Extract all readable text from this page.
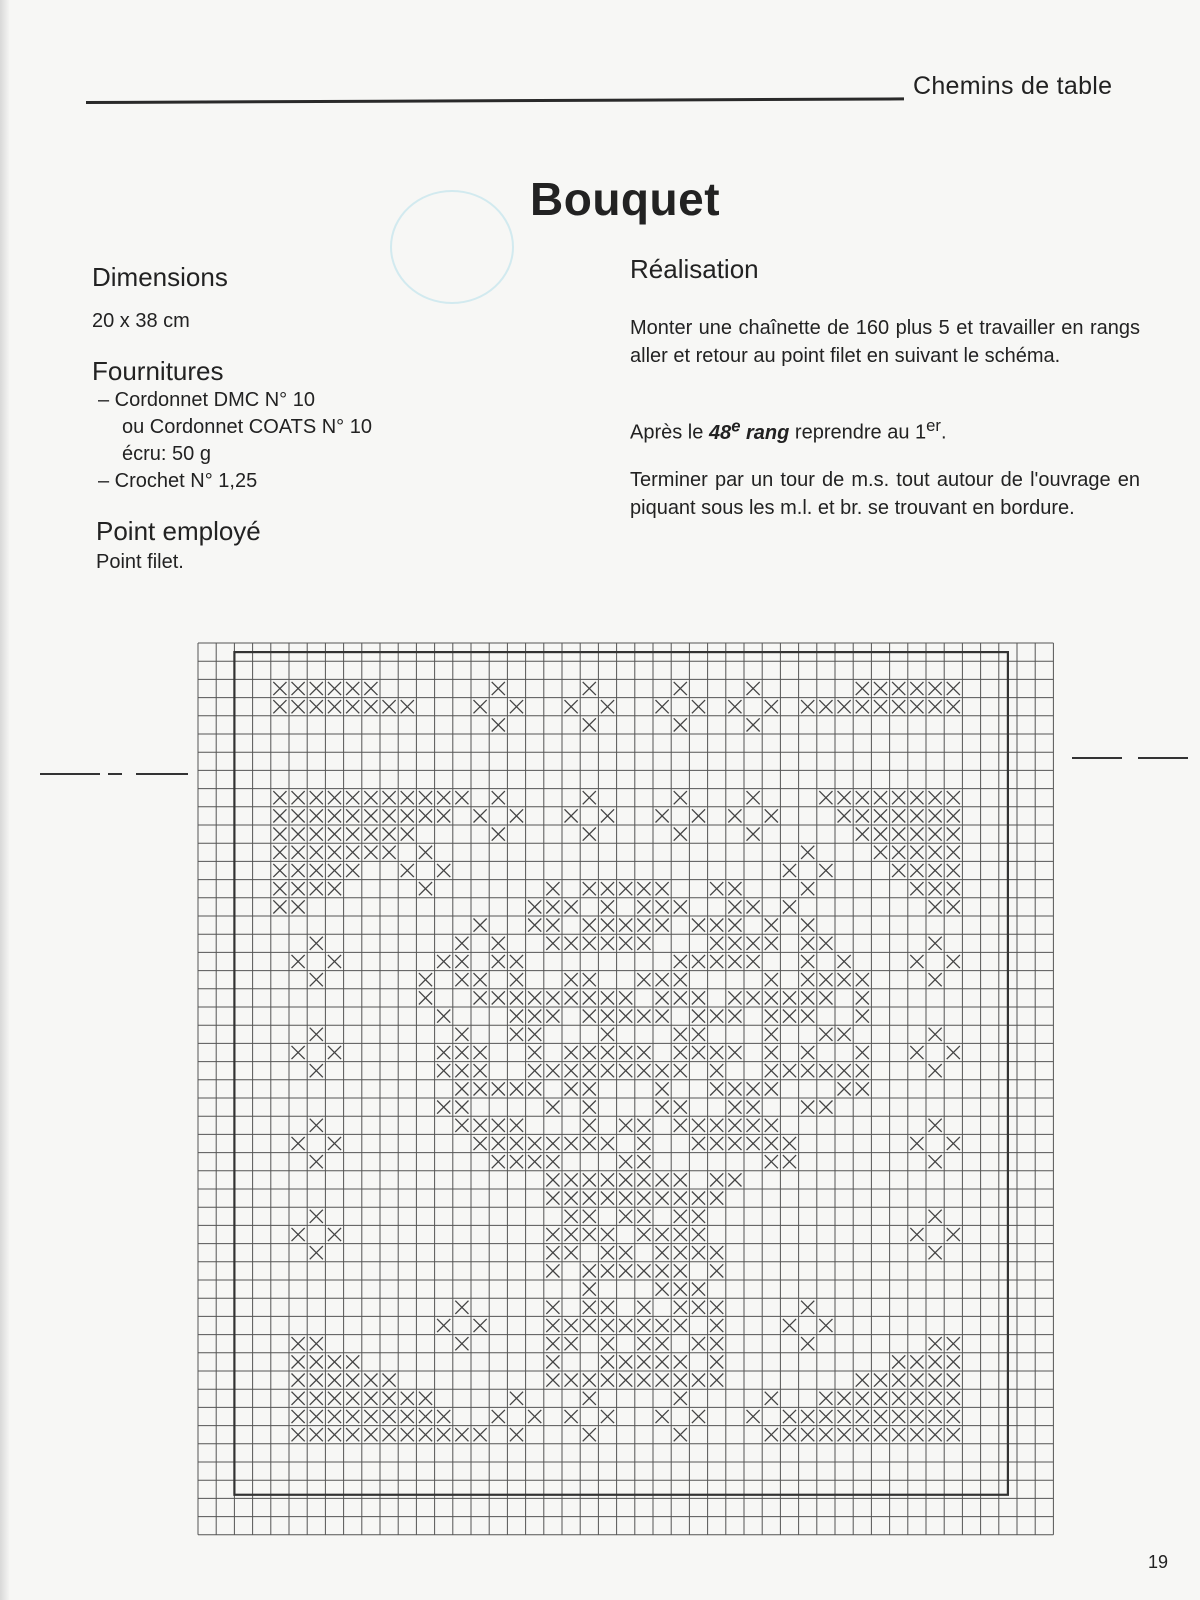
Chemins de table
Bouquet
Dimensions
20 x 38 cm
Fournitures
– Cordonnet DMC N° 10
ou Cordonnet COATS N° 10
écru: 50 g
– Crochet N° 1,25
Point employé
Point filet.
Réalisation
Monter une chaînette de 160 plus 5 et travailler en rangs aller et retour au point filet en suivant le schéma.
Après le 48e rang reprendre au 1er.
Terminer par un tour de m.s. tout autour de l'ouvrage en piquant sous les m.l. et br. se trouvant en bordure.
19
